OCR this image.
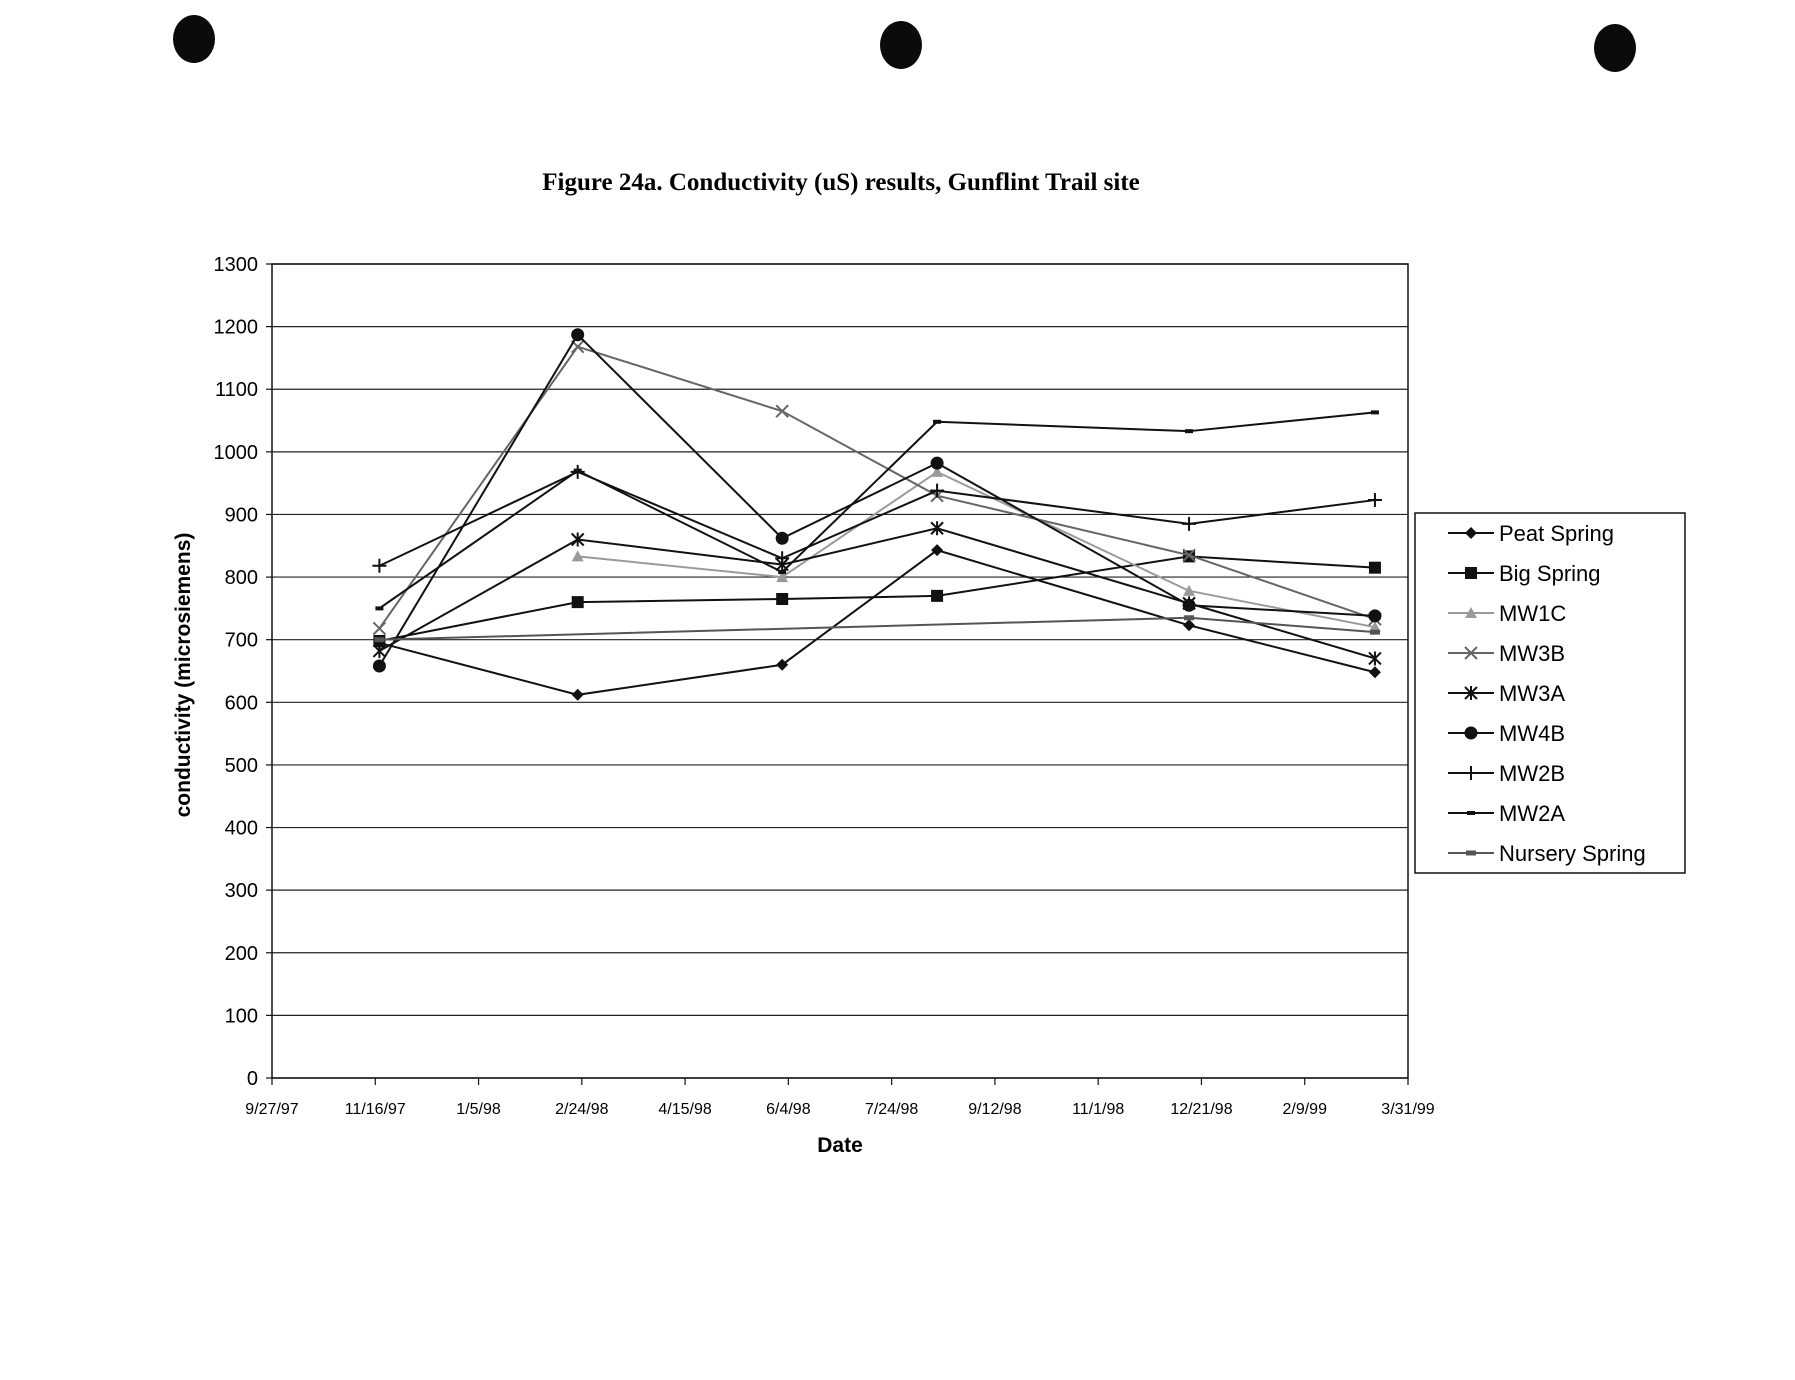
Figure 24a. Conductivity (uS) results, Gunflint Trail site
0
100
200
300
400
500
600
700
800
900
1000
1100
1200
1300
9/27/97	11/16/97	1/5/98	2/24/98	4/15/98	6/4/98	7/24/98	9/12/98	11/1/98	12/21/98	2/9/99	3/31/99
conductivity (microsiemens)
Date
Peat Spring
Big Spring
MW1C
MW3B
MW3A
MW4B
MW2B
MW2A
Nursery Spring
